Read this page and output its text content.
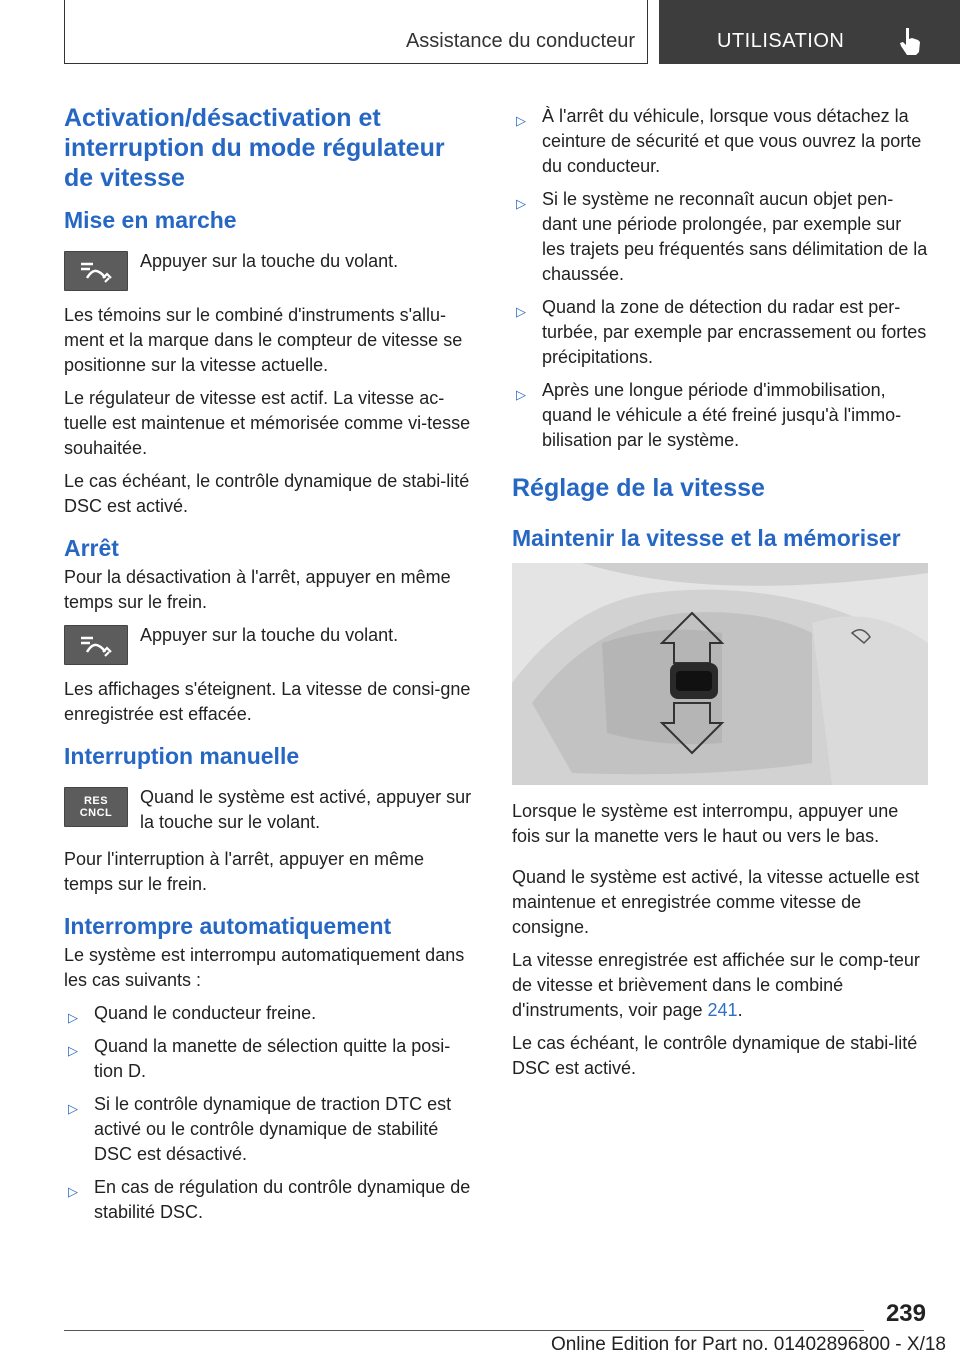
Assistance du conducteur	UTILISATION
Activation/désactivation et interruption du mode régulateur de vitesse
Mise en marche

Appuyer sur la touche du volant.

Les témoins sur le combiné d'instruments s'allu-ment et la marque dans le compteur de vitesse se positionne sur la vitesse actuelle.

Le régulateur de vitesse est actif. La vitesse ac-tuelle est maintenue et mémorisée comme vi-tesse souhaitée.

Le cas échéant, le contrôle dynamique de stabi-lité DSC est activé.

Arrêt

Pour la désactivation à l'arrêt, appuyer en même temps sur le frein.

Appuyer sur la touche du volant.

Les affichages s'éteignent. La vitesse de consi-gne enregistrée est effacée.

Interruption manuelle
RES
CNCL

Quand le système est activé, appuyer sur la touche sur le volant.

Pour l'interruption à l'arrêt, appuyer en même temps sur le frein.

Interrompre automatiquement

Le système est interrompu automatiquement dans les cas suivants :

▷ Quand le conducteur freine.
▷ Quand la manette de sélection quitte la posi-tion D.
▷ Si le contrôle dynamique de traction DTC est activé ou le contrôle dynamique de stabilité DSC est désactivé.
▷ En cas de régulation du contrôle dynamique de stabilité DSC.
▷ À l'arrêt du véhicule, lorsque vous détachez la ceinture de sécurité et que vous ouvrez la porte du conducteur.
▷ Si le système ne reconnaît aucun objet pen-dant une période prolongée, par exemple sur les trajets peu fréquentés sans délimitation de la chaussée.
▷ Quand la zone de détection du radar est per-turbée, par exemple par encrassement ou fortes précipitations.
▷ Après une longue période d'immobilisation, quand le véhicule a été freiné jusqu'à l'immo-bilisation par le système.
Réglage de la vitesse
Maintenir la vitesse et la mémoriser

Lorsque le système est interrompu, appuyer une fois sur la manette vers le haut ou vers le bas.

Quand le système est activé, la vitesse actuelle est maintenue et enregistrée comme vitesse de consigne.

La vitesse enregistrée est affichée sur le comp-teur de vitesse et brièvement dans le combiné d'instruments, voir page 241.

Le cas échéant, le contrôle dynamique de stabi-lité DSC est activé.

239
Online Edition for Part no. 01402896800 - X/18
